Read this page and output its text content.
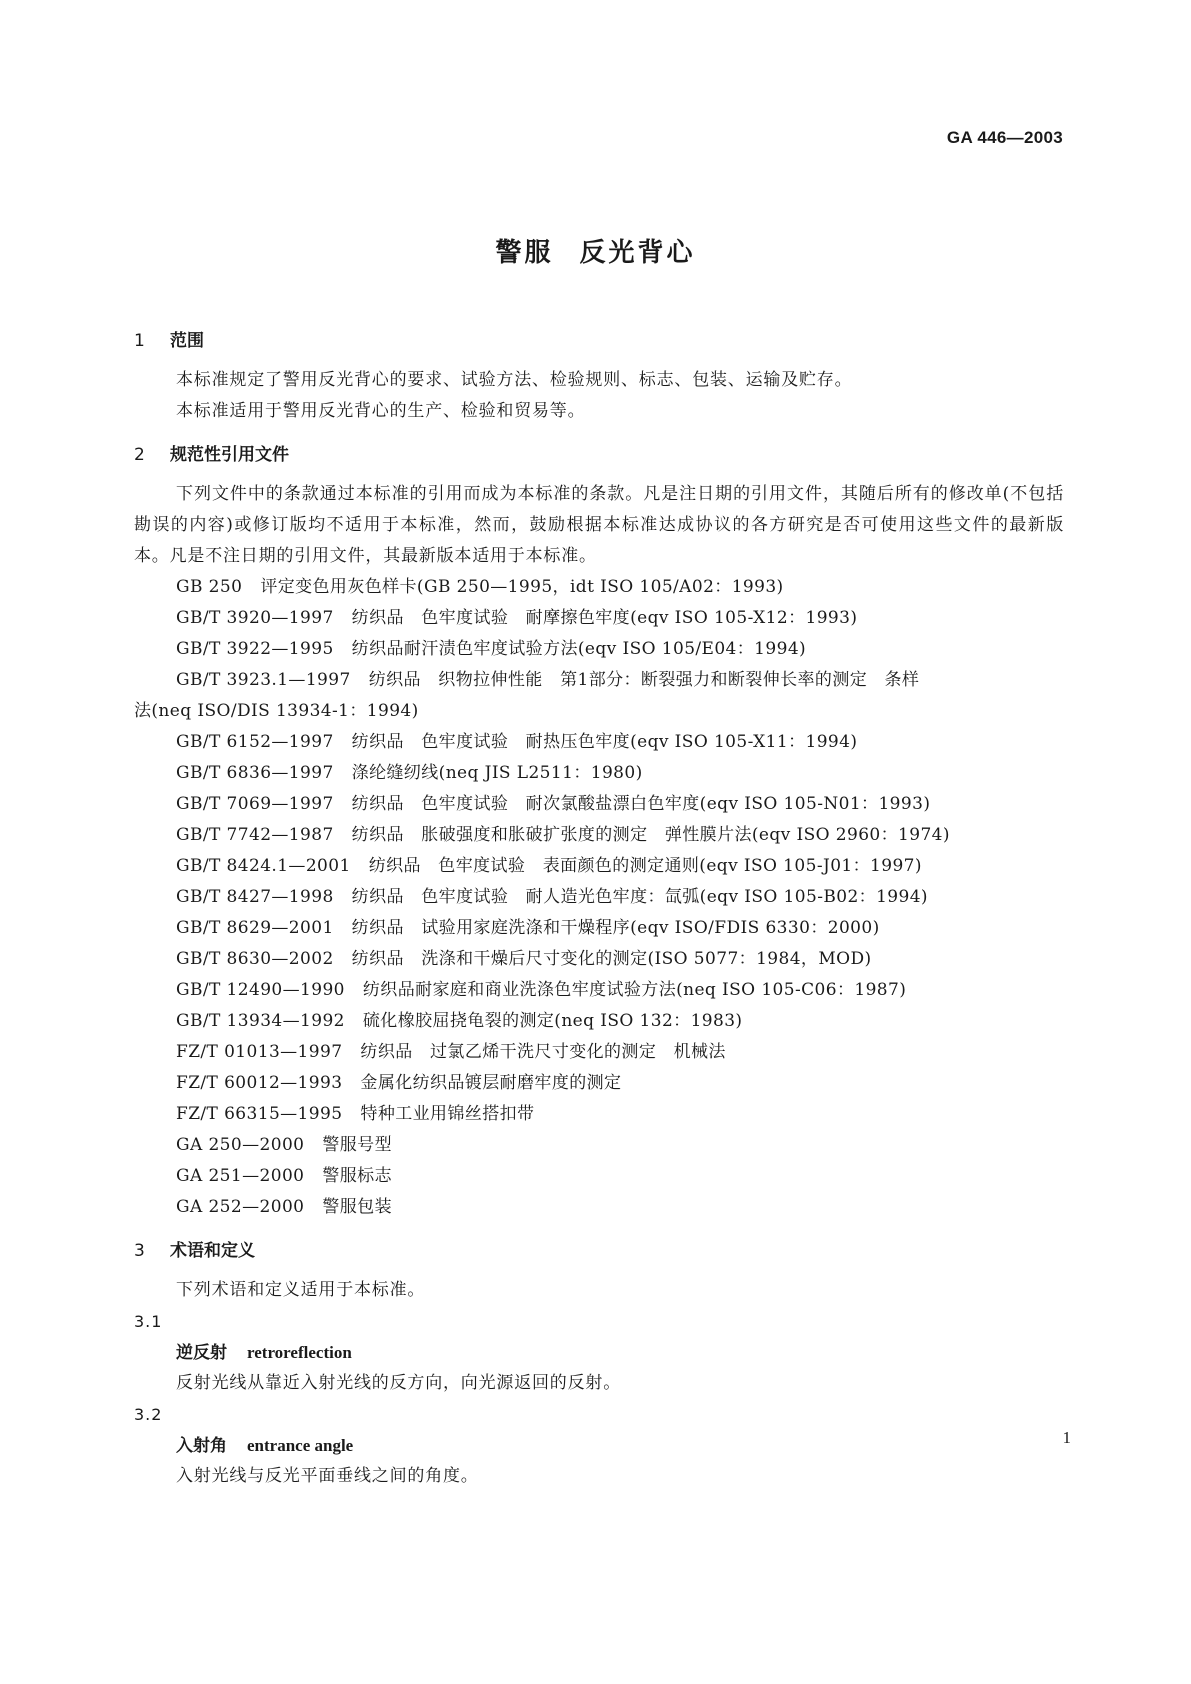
GA 446—2003
警服 反光背心
1 范围
本标准规定了警用反光背心的要求、试验方法、检验规则、标志、包装、运输及贮存。
本标准适用于警用反光背心的生产、检验和贸易等。
2 规范性引用文件
下列文件中的条款通过本标准的引用而成为本标准的条款。凡是注日期的引用文件，其随后所有的修改单(不包括勘误的内容)或修订版均不适用于本标准，然而，鼓励根据本标准达成协议的各方研究是否可使用这些文件的最新版本。凡是不注日期的引用文件，其最新版本适用于本标准。
GB 250 评定变色用灰色样卡(GB 250—1995，idt ISO 105/A02：1993)
GB/T 3920—1997 纺织品　色牢度试验　耐摩擦色牢度(eqv ISO 105-X12：1993)
GB/T 3922—1995 纺织品耐汗渍色牢度试验方法(eqv ISO 105/E04：1994)
GB/T 3923.1—1997 纺织品　织物拉伸性能　第1部分：断裂强力和断裂伸长率的测定　条样
法(neq ISO/DIS 13934-1：1994)
GB/T 6152—1997 纺织品　色牢度试验　耐热压色牢度(eqv ISO 105-X11：1994)
GB/T 6836—1997 涤纶缝纫线(neq JIS L2511：1980)
GB/T 7069—1997 纺织品　色牢度试验　耐次氯酸盐漂白色牢度(eqv ISO 105-N01：1993)
GB/T 7742—1987 纺织品　胀破强度和胀破扩张度的测定　弹性膜片法(eqv ISO 2960：1974)
GB/T 8424.1—2001 纺织品　色牢度试验　表面颜色的测定通则(eqv ISO 105-J01：1997)
GB/T 8427—1998 纺织品　色牢度试验　耐人造光色牢度：氙弧(eqv ISO 105-B02：1994)
GB/T 8629—2001 纺织品　试验用家庭洗涤和干燥程序(eqv ISO/FDIS 6330：2000)
GB/T 8630—2002 纺织品　洗涤和干燥后尺寸变化的测定(ISO 5077：1984，MOD)
GB/T 12490—1990 纺织品耐家庭和商业洗涤色牢度试验方法(neq ISO 105-C06：1987)
GB/T 13934—1992 硫化橡胶屈挠龟裂的测定(neq ISO 132：1983)
FZ/T 01013—1997 纺织品　过氯乙烯干洗尺寸变化的测定　机械法
FZ/T 60012—1993 金属化纺织品镀层耐磨牢度的测定
FZ/T 66315—1995 特种工业用锦丝搭扣带
GA 250—2000 警服号型
GA 251—2000 警服标志
GA 252—2000 警服包装
3 术语和定义
下列术语和定义适用于本标准。
3.1
逆反射 retroreflection
反射光线从靠近入射光线的反方向，向光源返回的反射。
3.2
入射角 entrance angle
入射光线与反光平面垂线之间的角度。
1
